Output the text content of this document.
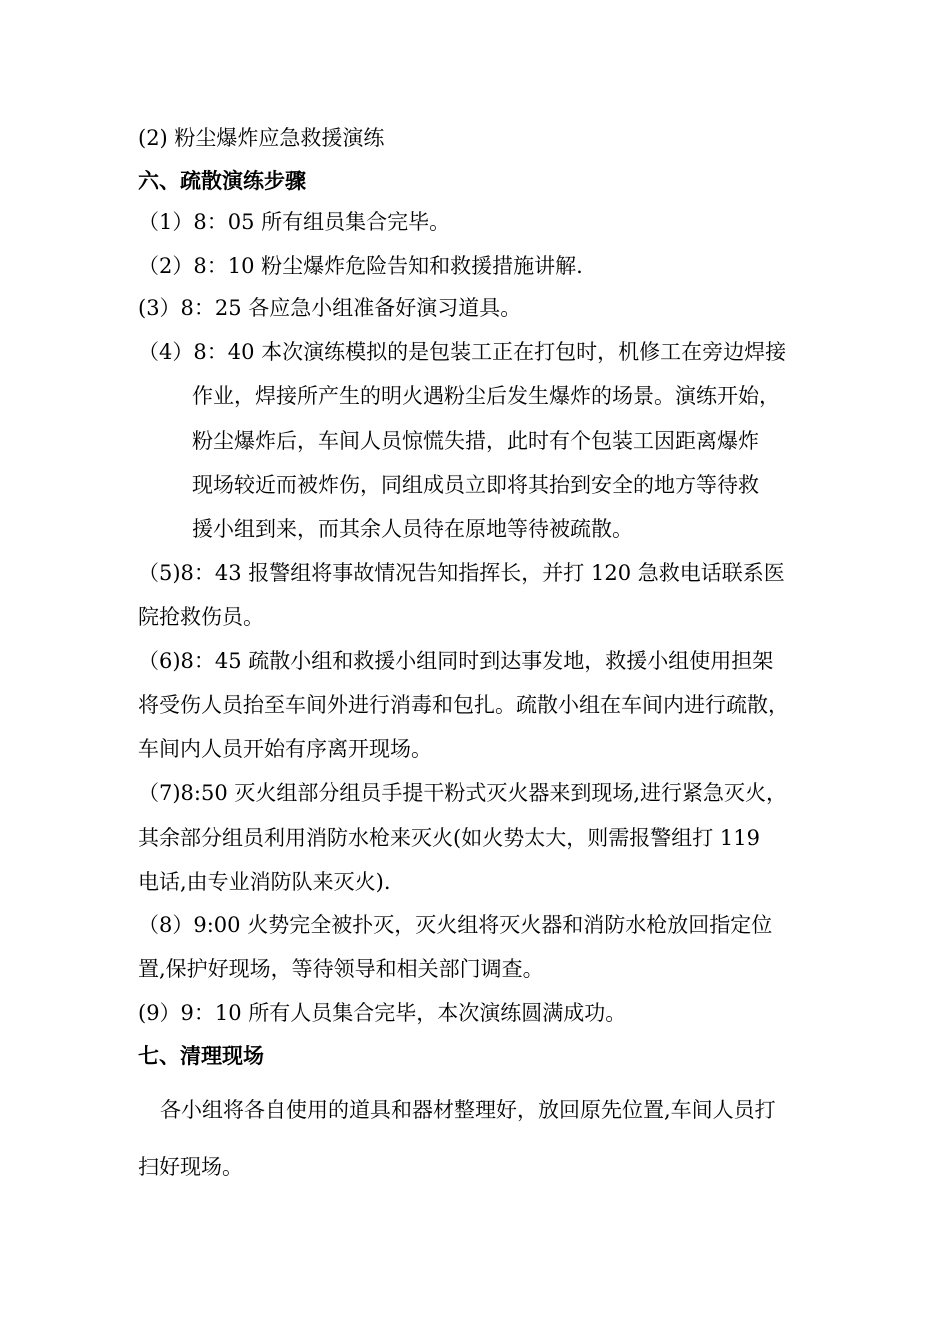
(2) 粉尘爆炸应急救援演练
六、疏散演练步骤
（1）8：05 所有组员集合完毕。
（2）8：10 粉尘爆炸危险告知和救援措施讲解.
(3）8：25 各应急小组准备好演习道具。
（4）8：40 本次演练模拟的是包装工正在打包时，机修工在旁边焊接
作业，焊接所产生的明火遇粉尘后发生爆炸的场景。演练开始，
粉尘爆炸后，车间人员惊慌失措，此时有个包装工因距离爆炸
现场较近而被炸伤，同组成员立即将其抬到安全的地方等待救
援小组到来，而其余人员待在原地等待被疏散。
（5)8：43 报警组将事故情况告知指挥长，并打 120 急救电话联系医
院抢救伤员。
（6)8：45 疏散小组和救援小组同时到达事发地，救援小组使用担架
将受伤人员抬至车间外进行消毒和包扎。疏散小组在车间内进行疏散，
车间内人员开始有序离开现场。
（7)8:50 灭火组部分组员手提干粉式灭火器来到现场,进行紧急灭火，
其余部分组员利用消防水枪来灭火(如火势太大，则需报警组打 119
电话,由专业消防队来灭火).
（8）9:00 火势完全被扑灭，灭火组将灭火器和消防水枪放回指定位
置,保护好现场，等待领导和相关部门调查。
(9）9：10 所有人员集合完毕，本次演练圆满成功。
七、清理现场
各小组将各自使用的道具和器材整理好，放回原先位置,车间人员打
扫好现场。
